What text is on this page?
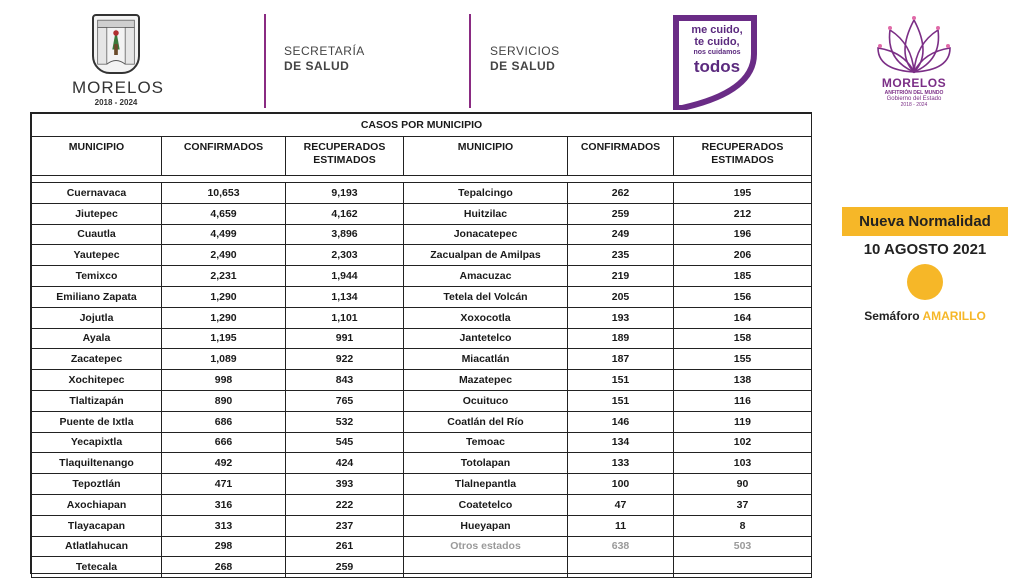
MORELOS
2018 - 2024
SECRETARÍA
DE SALUD
SERVICIOS
DE SALUD
me cuido,
te cuido,
nos cuidamos
todos
MORELOS
ANFITRIÓN DEL MUNDO
Gobierno del Estado
2018 - 2024
CASOS POR MUNICIPIO					
MUNICIPIO	CONFIRMADOS	RECUPERADOS
ESTIMADOS	MUNICIPIO	CONFIRMADOS	RECUPERADOS
ESTIMADOS

Cuernavaca	10,653	9,193	Tepalcingo	262	195
Jiutepec	4,659	4,162	Huitzilac	259	212
Cuautla	4,499	3,896	Jonacatepec	249	196
Yautepec	2,490	2,303	Zacualpan de Amilpas	235	206
Temixco	2,231	1,944	Amacuzac	219	185
Emiliano Zapata	1,290	1,134	Tetela del Volcán	205	156
Jojutla	1,290	1,101	Xoxocotla	193	164
Ayala	1,195	991	Jantetelco	189	158
Zacatepec	1,089	922	Miacatlán	187	155
Xochitepec	998	843	Mazatepec	151	138
Tlaltizapán	890	765	Ocuituco	151	116
Puente de Ixtla	686	532	Coatlán del Río	146	119
Yecapixtla	666	545	Temoac	134	102
Tlaquiltenango	492	424	Totolapan	133	103
Tepoztlán	471	393	Tlalnepantla	100	90
Axochiapan	316	222	Coatetelco	47	37
Tlayacapan	313	237	Hueyapan	11	8
Atlatlahucan	298	261	Otros estados	638	503
Tetecala	268	259			
Nueva Normalidad
10 AGOSTO 2021
Semáforo AMARILLO
